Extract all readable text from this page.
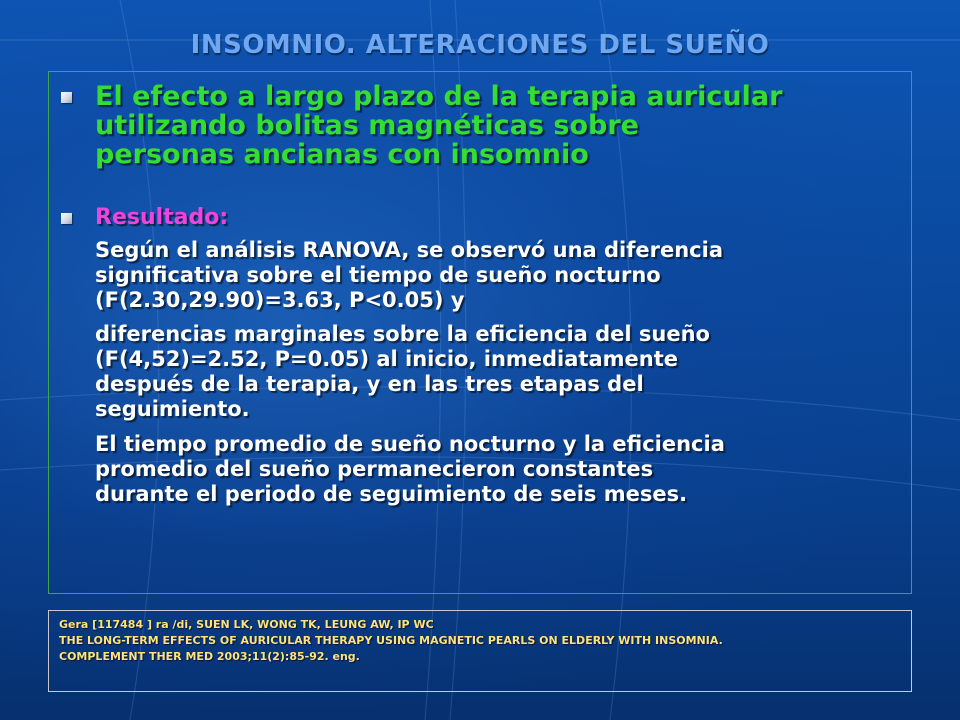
INSOMNIO. ALTERACIONES DEL SUEÑO
El efecto a largo plazo de la terapia auricular
utilizando bolitas magnéticas sobre
personas ancianas con insomnio
Resultado:
Según el análisis RANOVA, se observó una diferencia
significativa sobre el tiempo de sueño nocturno
(F(2.30,29.90)=3.63, P<0.05) y
diferencias marginales sobre la eficiencia del sueño
(F(4,52)=2.52, P=0.05) al inicio, inmediatamente
después de la terapia, y en las tres etapas del
seguimiento.
El tiempo promedio de sueño nocturno y la eficiencia
promedio del sueño permanecieron constantes
durante el periodo de seguimiento de seis meses.
Gera [117484 ] ra /di, SUEN LK, WONG TK, LEUNG AW, IP WC
THE LONG-TERM EFFECTS OF AURICULAR THERAPY USING MAGNETIC PEARLS ON ELDERLY WITH INSOMNIA.
COMPLEMENT THER MED 2003;11(2):85-92. eng.
